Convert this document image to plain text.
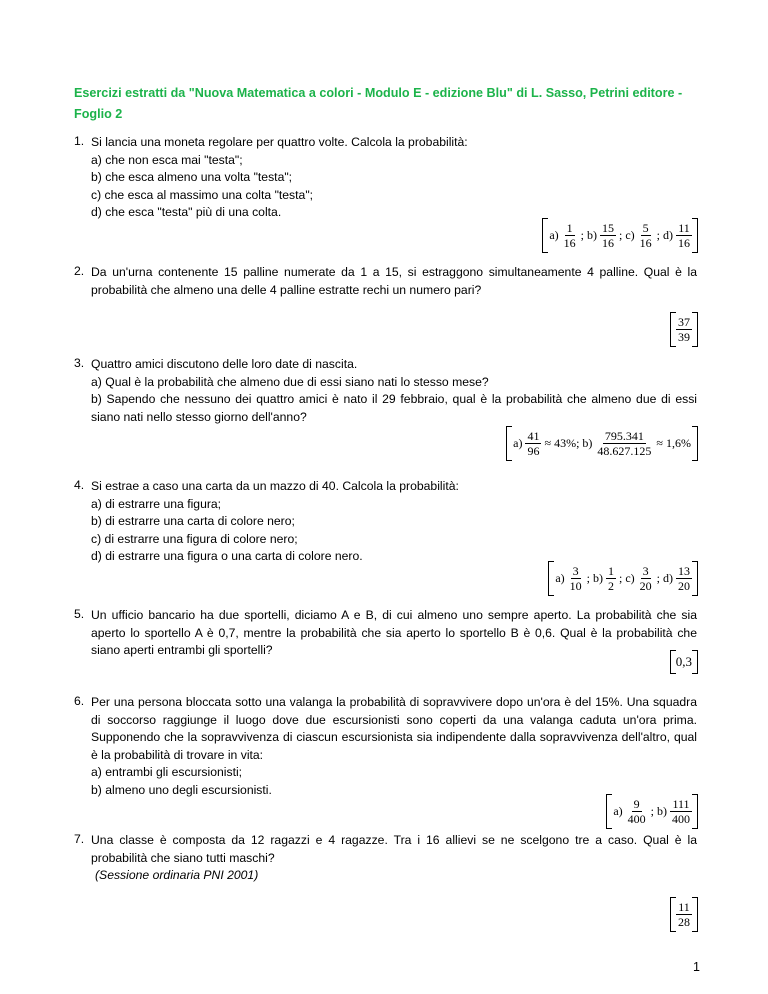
Esercizi estratti da "Nuova Matematica a colori - Modulo E - edizione Blu" di L. Sasso, Petrini editore - Foglio 2
1. Si lancia una moneta regolare per quattro volte. Calcola la probabilità:

a) che non esca mai "testa";

b) che esca almeno una volta "testa";

c) che esca al massimo una colta "testa";

d) che esca "testa" più di una colta.

$a) \frac{1}{16}$ ; $b) \frac{15}{16}$ ; $c) \frac{5}{16}$ ; $d) \frac{11}{16}$
2. Da un'urna contenente 15 palline numerate da 1 a 15, si estraggono simultaneamente 4 palline. Qual è la probabilità che almeno una delle 4 palline estratte rechi un numero pari?
$\frac{37}{39}$
3. Quattro amici discutono delle loro date di nascita.

a) Qual è la probabilità che almeno due di essi siano nati lo stesso mese?

b) Sapendo che nessuno dei quattro amici è nato il 29 febbraio, qual è la probabilità che almeno due di essi siano nati nello stesso giorno dell'anno?

$a) \frac{41}{96} \approx 43\%$; $b) \frac{795.341}{48.627.125} \approx 1,6\%$
4. Si estrae a caso una carta da un mazzo di 40. Calcola la probabilità:

a) di estrarre una figura;

b) di estrarre una carta di colore nero;

c) di estrarre una figura di colore nero;

d) di estrarre una figura o una carta di colore nero.

$a) \frac{3}{10}$ ; $b) \frac{1}{2}$ ; $c) \frac{3}{20}$ ; $d) \frac{13}{20}$
5. Un ufficio bancario ha due sportelli, diciamo A e B, di cui almeno uno sempre aperto. La probabilità che sia aperto lo sportello A è 0,7, mentre la probabilità che sia aperto lo sportello B è 0,6. Qual è la probabilità che siano aperti entrambi gli sportelli?
0,3
6. Per una persona bloccata sotto una valanga la probabilità di sopravvivere dopo un'ora è del 15%. Una squadra di soccorso raggiunge il luogo dove due escursionisti sono coperti da una valanga caduta un'ora prima. Supponendo che la sopravvivenza di ciascun escursionista sia indipendente dalla sopravvivenza dell'altro, qual è la probabilità di trovare in vita:

a) entrambi gli escursionisti;

b) almeno uno degli escursionisti.

$a) \frac{9}{400}$ ; $b) \frac{111}{400}$
7. Una classe è composta da 12 ragazzi e 4 ragazze. Tra i 16 allievi se ne scelgono tre a caso. Qual è la probabilità che siano tutti maschi?

(Sessione ordinaria PNI 2001)

$\frac{11}{28}$
1
